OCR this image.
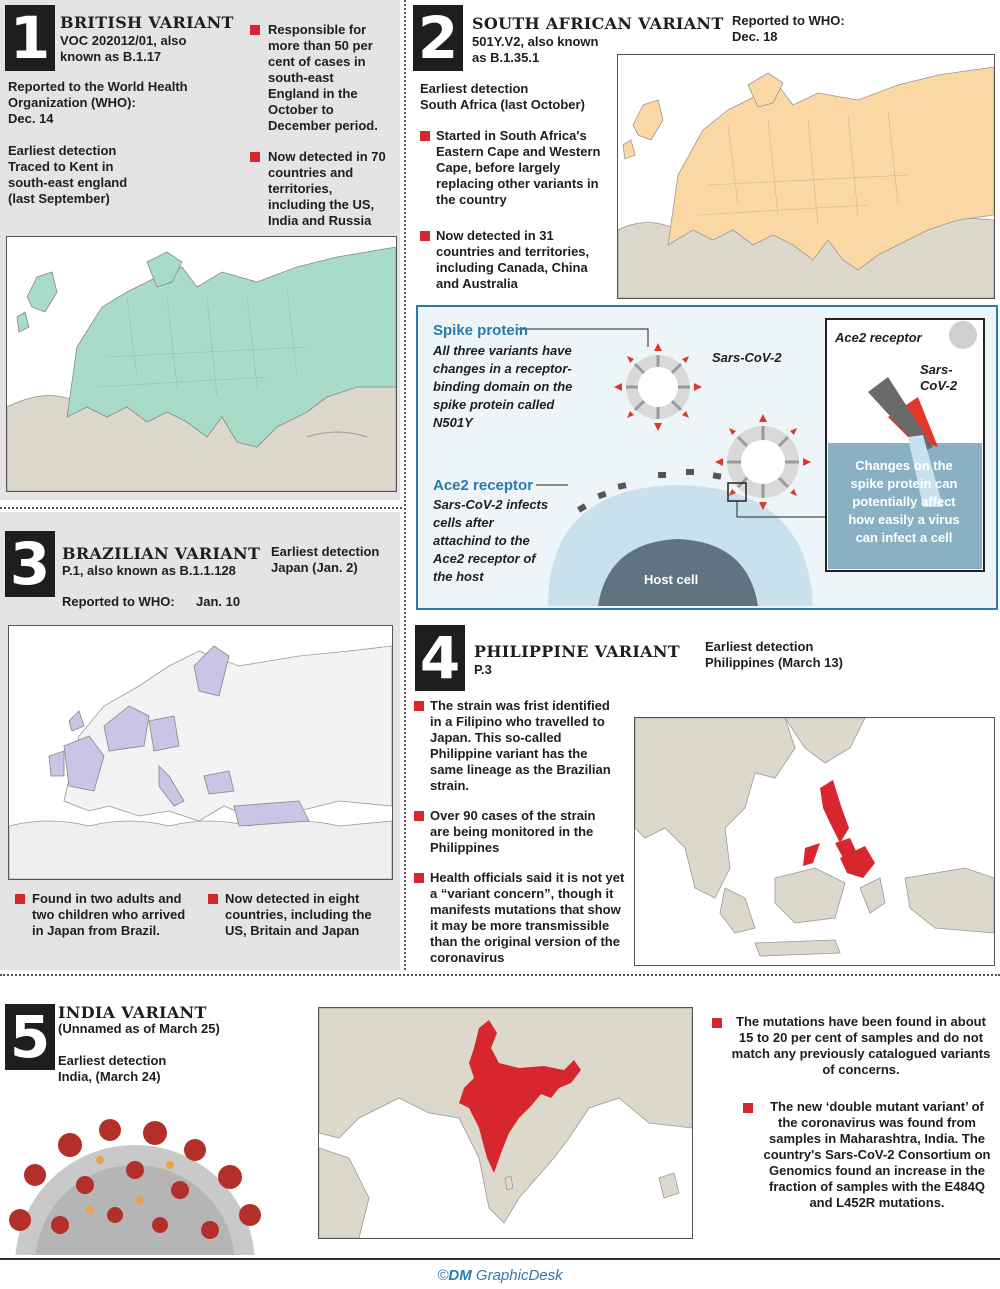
1 BRITISH VARIANT
VOC 202012/01, also known as B.1.17
Reported to the World Health Organization (WHO):
Dec. 14
Earliest detection
Traced to Kent in south-east england (last September)
Responsible for more than 50 per cent of cases in south-east England in the October to December period.
Now detected in 70 countries and territories, including the US, India and Russia
2 SOUTH AFRICAN VARIANT
501Y.V2, also known as B.1.35.1
Reported to WHO:
Dec. 18
Earliest detection
South Africa (last October)
Started in South Africa's Eastern Cape and Western Cape, before largely replacing other variants in the country
Now detected in 31 countries and territories, including Canada, China and Australia
Spike protein
All three variants have changes in a receptor-binding domain on the spike protein called N501Y
Ace2 receptor
Sars-CoV-2 infects cells after attachind to the Ace2 receptor of the host
Sars-CoV-2
Host cell
Ace2 receptor
Sars-CoV-2
Changes on the spike protein can potentially affect how easily a virus can infect a cell
3 BRAZILIAN VARIANT
P.1, also known as B.1.1.128
Earliest detection
Japan (Jan. 2)
Reported to WHO: Jan. 10
Found in two adults and two children who arrived in Japan from Brazil.
Now detected in eight countries, including the US, Britain and Japan
4 PHILIPPINE VARIANT
P.3
Earliest detection
Philippines (March 13)
The strain was frist identified in a Filipino who travelled to Japan. This so-called Philippine variant has the same lineage as the Brazilian strain.
Over 90 cases of the strain are being monitored in the Philippines
Health officials said it is not yet a “variant concern”, though it manifests mutations that show it may be more transmissible than the original version of the coronavirus
5 INDIA VARIANT
(Unnamed as of March 25)
Earliest detection
India, (March 24)
The mutations have been found in about 15 to 20 per cent of samples and do not match any previously catalogued variants of concerns.
The new ‘double mutant variant’ of the coronavirus was found from samples in Maharashtra, India. The country's Sars-CoV-2 Consortium on Genomics found an increase in the fraction of samples with the E484Q and L452R mutations.
©DM GraphicDesk
